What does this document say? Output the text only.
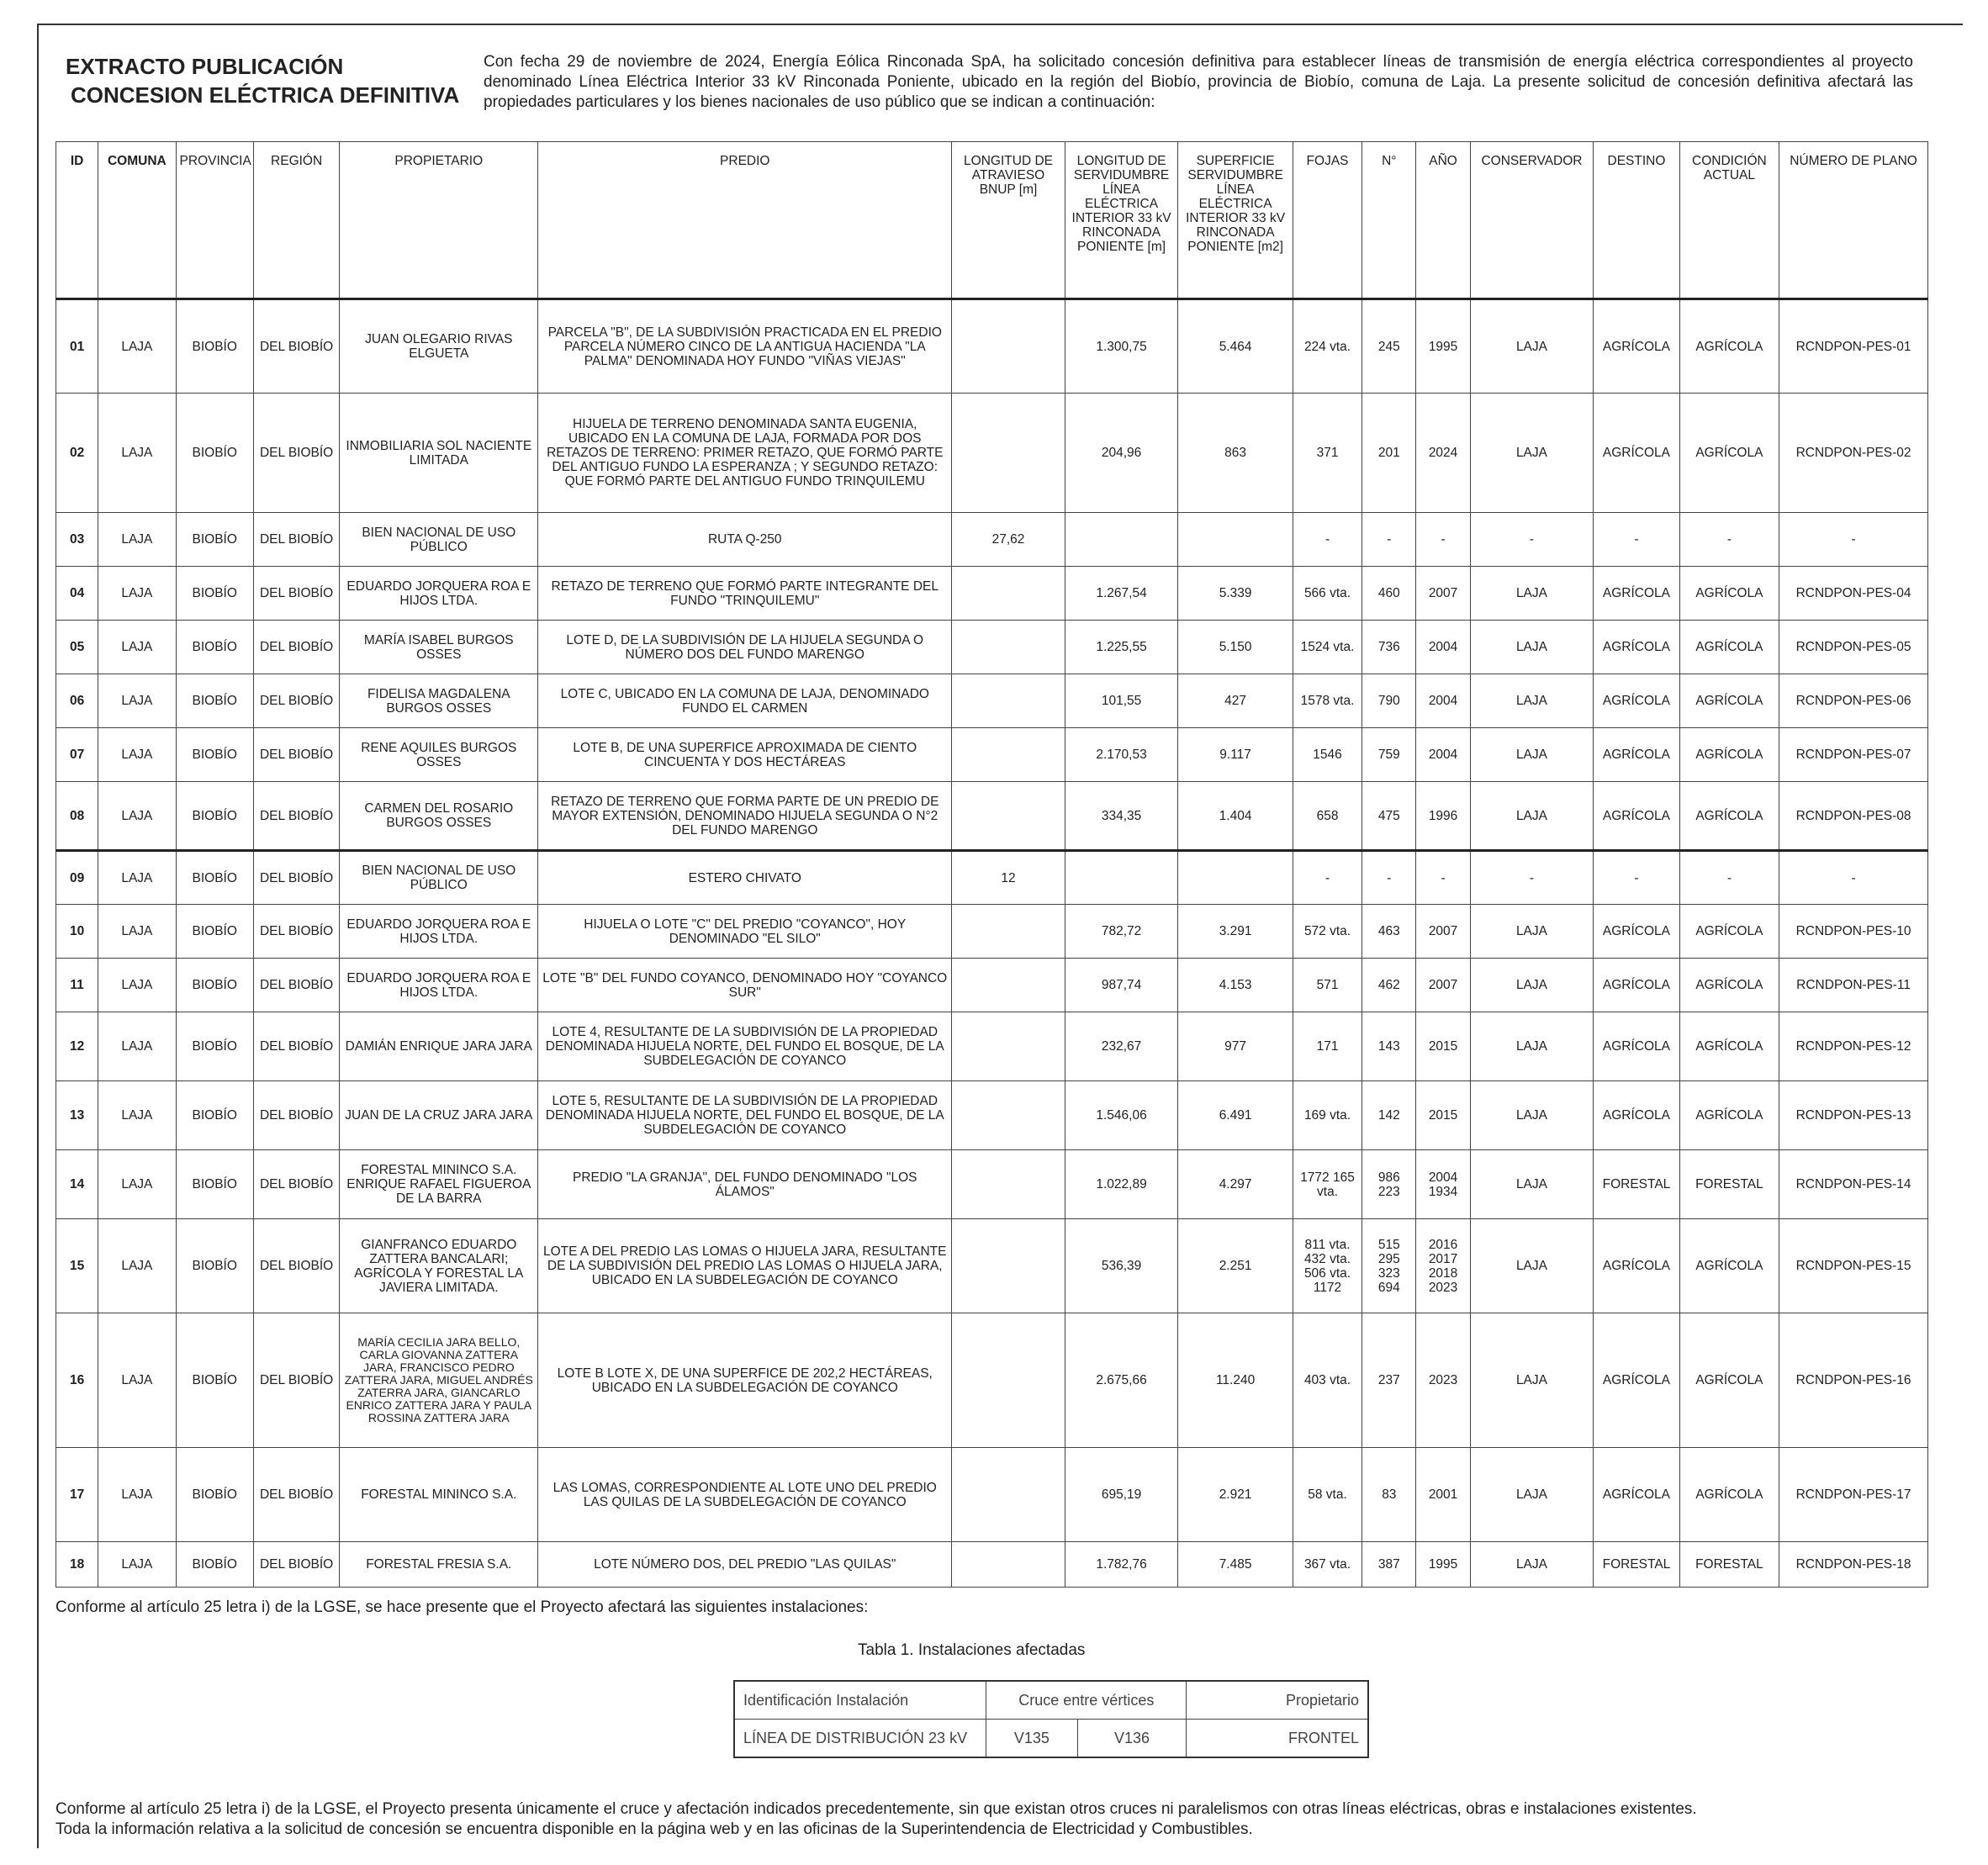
EXTRACTO PUBLICACIÓN
CONCESION ELÉCTRICA DEFINITIVA
Con fecha 29 de noviembre de 2024, Energía Eólica Rinconada SpA, ha solicitado concesión definitiva para establecer líneas de transmisión de energía eléctrica correspondientes al proyecto denominado Línea Eléctrica Interior 33 kV Rinconada Poniente, ubicado en la región del Biobío, provincia de Biobío, comuna de Laja. La presente solicitud de concesión definitiva afectará las propiedades particulares y los bienes nacionales de uso público que se indican a continuación:
ID	COMUNA	PROVINCIA	REGIÓN	PROPIETARIO	PREDIO	LONGITUD DE ATRAVIESO BNUP [m]	LONGITUD DE SERVIDUMBRE LÍNEA ELÉCTRICA INTERIOR 33 kV RINCONADA PONIENTE [m]	SUPERFICIE SERVIDUMBRE LÍNEA ELÉCTRICA INTERIOR 33 kV RINCONADA PONIENTE [m2]	FOJAS	N°	AÑO	CONSERVADOR	DESTINO	CONDICIÓN ACTUAL	NÚMERO DE PLANO
01	LAJA	BIOBÍO	DEL BIOBÍO	JUAN OLEGARIO RIVAS ELGUETA	PARCELA "B", DE LA SUBDIVISIÓN PRACTICADA EN EL PREDIO PARCELA NÚMERO CINCO DE LA ANTIGUA HACIENDA "LA PALMA" DENOMINADA HOY FUNDO "VIÑAS VIEJAS"		1.300,75	5.464	224 vta.	245	1995	LAJA	AGRÍCOLA	AGRÍCOLA	RCNDPON-PES-01
02	LAJA	BIOBÍO	DEL BIOBÍO	INMOBILIARIA SOL NACIENTE LIMITADA	HIJUELA DE TERRENO DENOMINADA SANTA EUGENIA, UBICADO EN LA COMUNA DE LAJA, FORMADA POR DOS RETAZOS DE TERRENO: PRIMER RETAZO, QUE FORMÓ PARTE DEL ANTIGUO FUNDO LA ESPERANZA ; Y SEGUNDO RETAZO: QUE FORMÓ PARTE DEL ANTIGUO FUNDO TRINQUILEMU		204,96	863	371	201	2024	LAJA	AGRÍCOLA	AGRÍCOLA	RCNDPON-PES-02
03	LAJA	BIOBÍO	DEL BIOBÍO	BIEN NACIONAL DE USO PÚBLICO	RUTA Q-250	27,62			-	-	-	-	-	-	-
04	LAJA	BIOBÍO	DEL BIOBÍO	EDUARDO JORQUERA ROA E HIJOS LTDA.	RETAZO DE TERRENO QUE FORMÓ PARTE INTEGRANTE DEL FUNDO "TRINQUILEMU"		1.267,54	5.339	566 vta.	460	2007	LAJA	AGRÍCOLA	AGRÍCOLA	RCNDPON-PES-04
05	LAJA	BIOBÍO	DEL BIOBÍO	MARÍA ISABEL BURGOS OSSES	LOTE D, DE LA SUBDIVISIÓN DE LA HIJUELA SEGUNDA O NÚMERO DOS DEL FUNDO MARENGO		1.225,55	5.150	1524 vta.	736	2004	LAJA	AGRÍCOLA	AGRÍCOLA	RCNDPON-PES-05
06	LAJA	BIOBÍO	DEL BIOBÍO	FIDELISA MAGDALENA BURGOS OSSES	LOTE C, UBICADO EN LA COMUNA DE LAJA, DENOMINADO FUNDO EL CARMEN		101,55	427	1578 vta.	790	2004	LAJA	AGRÍCOLA	AGRÍCOLA	RCNDPON-PES-06
07	LAJA	BIOBÍO	DEL BIOBÍO	RENE AQUILES BURGOS OSSES	LOTE B, DE UNA SUPERFICE APROXIMADA DE CIENTO CINCUENTA Y DOS HECTÁREAS		2.170,53	9.117	1546	759	2004	LAJA	AGRÍCOLA	AGRÍCOLA	RCNDPON-PES-07
08	LAJA	BIOBÍO	DEL BIOBÍO	CARMEN DEL ROSARIO BURGOS OSSES	RETAZO DE TERRENO QUE FORMA PARTE DE UN PREDIO DE MAYOR EXTENSIÓN, DENOMINADO HIJUELA SEGUNDA O N°2 DEL FUNDO MARENGO		334,35	1.404	658	475	1996	LAJA	AGRÍCOLA	AGRÍCOLA	RCNDPON-PES-08
09	LAJA	BIOBÍO	DEL BIOBÍO	BIEN NACIONAL DE USO PÚBLICO	ESTERO CHIVATO	12			-	-	-	-	-	-	-
10	LAJA	BIOBÍO	DEL BIOBÍO	EDUARDO JORQUERA ROA E HIJOS LTDA.	HIJUELA O LOTE "C" DEL PREDIO "COYANCO", HOY DENOMINADO "EL SILO"		782,72	3.291	572 vta.	463	2007	LAJA	AGRÍCOLA	AGRÍCOLA	RCNDPON-PES-10
11	LAJA	BIOBÍO	DEL BIOBÍO	EDUARDO JORQUERA ROA E HIJOS LTDA.	LOTE "B" DEL FUNDO COYANCO, DENOMINADO HOY "COYANCO SUR"		987,74	4.153	571	462	2007	LAJA	AGRÍCOLA	AGRÍCOLA	RCNDPON-PES-11
12	LAJA	BIOBÍO	DEL BIOBÍO	DAMIÁN ENRIQUE JARA JARA	LOTE 4, RESULTANTE DE LA SUBDIVISIÓN DE LA PROPIEDAD DENOMINADA HIJUELA NORTE, DEL FUNDO EL BOSQUE, DE LA SUBDELEGACIÓN DE COYANCO		232,67	977	171	143	2015	LAJA	AGRÍCOLA	AGRÍCOLA	RCNDPON-PES-12
13	LAJA	BIOBÍO	DEL BIOBÍO	JUAN DE LA CRUZ JARA JARA	LOTE 5, RESULTANTE DE LA SUBDIVISIÓN DE LA PROPIEDAD DENOMINADA HIJUELA NORTE, DEL FUNDO EL BOSQUE, DE LA SUBDELEGACIÓN DE COYANCO		1.546,06	6.491	169 vta.	142	2015	LAJA	AGRÍCOLA	AGRÍCOLA	RCNDPON-PES-13
14	LAJA	BIOBÍO	DEL BIOBÍO	FORESTAL MININCO S.A. ENRIQUE RAFAEL FIGUEROA DE LA BARRA	PREDIO "LA GRANJA", DEL FUNDO DENOMINADO "LOS ÁLAMOS"		1.022,89	4.297	1772 165 vta.	986 223	2004 1934	LAJA	FORESTAL	FORESTAL	RCNDPON-PES-14
15	LAJA	BIOBÍO	DEL BIOBÍO	GIANFRANCO EDUARDO ZATTERA BANCALARI; AGRÍCOLA Y FORESTAL LA JAVIERA LIMITADA.	LOTE A DEL PREDIO LAS LOMAS O HIJUELA JARA, RESULTANTE DE LA SUBDIVISIÓN DEL PREDIO LAS LOMAS O HIJUELA JARA, UBICADO EN LA SUBDELEGACIÓN DE COYANCO		536,39	2.251	811 vta. 432 vta. 506 vta. 1172	515 295 323 694	2016 2017 2018 2023	LAJA	AGRÍCOLA	AGRÍCOLA	RCNDPON-PES-15
16	LAJA	BIOBÍO	DEL BIOBÍO	MARÍA CECILIA JARA BELLO, CARLA GIOVANNA ZATTERA JARA, FRANCISCO PEDRO ZATTERA JARA, MIGUEL ANDRÉS ZATERRA JARA, GIANCARLO ENRICO ZATTERA JARA Y PAULA ROSSINA ZATTERA JARA	LOTE B LOTE X, DE UNA SUPERFICE DE 202,2 HECTÁREAS, UBICADO EN LA SUBDELEGACIÓN DE COYANCO		2.675,66	11.240	403 vta.	237	2023	LAJA	AGRÍCOLA	AGRÍCOLA	RCNDPON-PES-16
17	LAJA	BIOBÍO	DEL BIOBÍO	FORESTAL MININCO S.A.	LAS LOMAS, CORRESPONDIENTE AL LOTE UNO DEL PREDIO LAS QUILAS DE LA SUBDELEGACIÓN DE COYANCO		695,19	2.921	58 vta.	83	2001	LAJA	AGRÍCOLA	AGRÍCOLA	RCNDPON-PES-17
18	LAJA	BIOBÍO	DEL BIOBÍO	FORESTAL FRESIA S.A.	LOTE NÚMERO DOS, DEL PREDIO "LAS QUILAS"		1.782,76	7.485	367 vta.	387	1995	LAJA	FORESTAL	FORESTAL	RCNDPON-PES-18
Conforme al artículo 25 letra i) de la LGSE, se hace presente que el Proyecto afectará las siguientes instalaciones:
Tabla 1. Instalaciones afectadas
Identificación Instalación	Cruce entre vértices		Propietario
LÍNEA DE DISTRIBUCIÓN 23 kV	V135	V136	FRONTEL
Conforme al artículo 25 letra i) de la LGSE, el Proyecto presenta únicamente el cruce y afectación indicados precedentemente, sin que existan otros cruces ni paralelismos con otras líneas eléctricas, obras e instalaciones existentes.
Toda la información relativa a la solicitud de concesión se encuentra disponible en la página web y en las oficinas de la Superintendencia de Electricidad y Combustibles.
